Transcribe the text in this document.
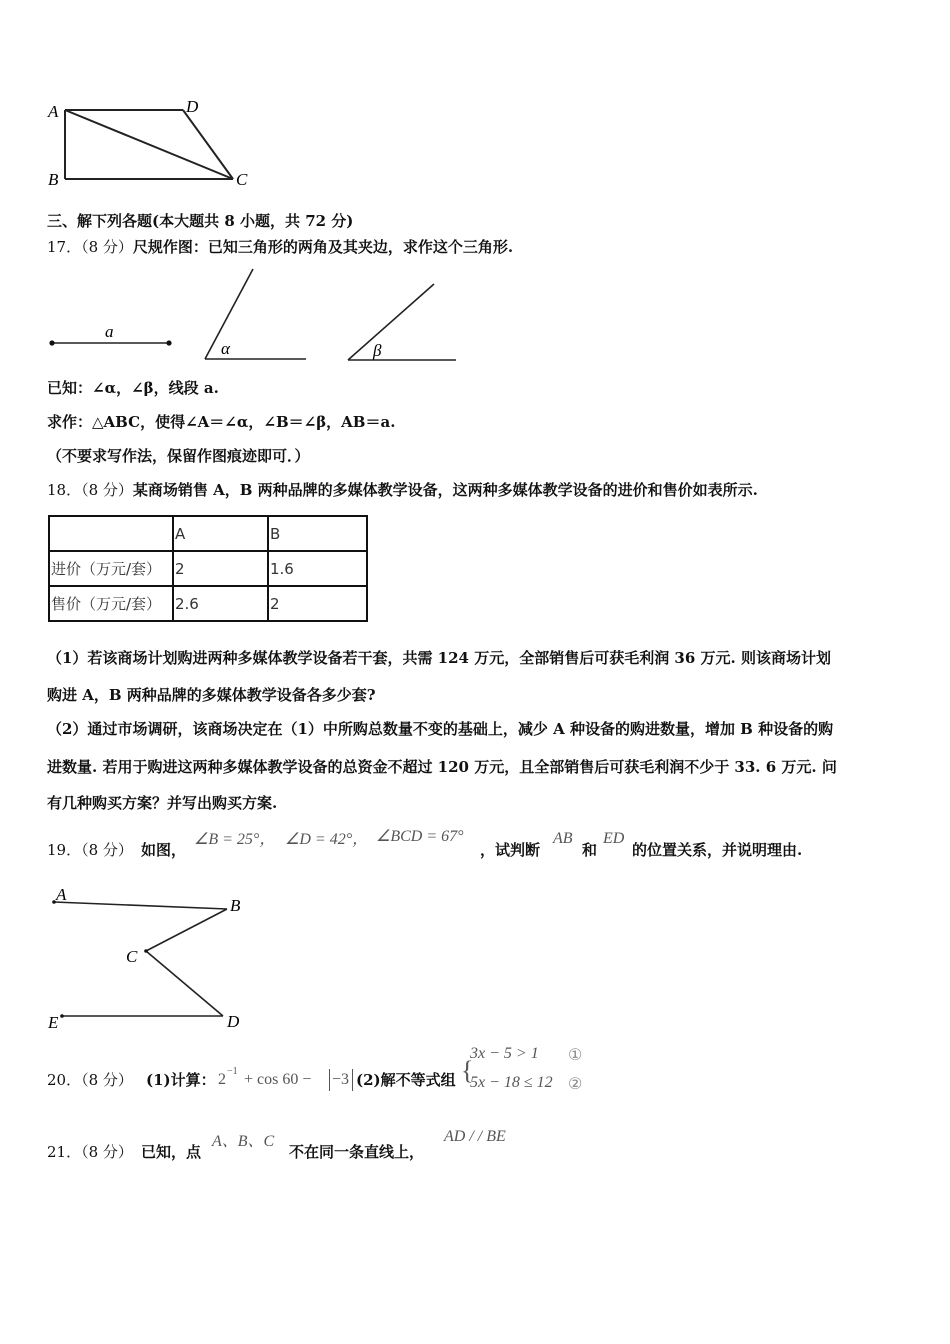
A	D
B	C
三、解下列各题(本大题共 8 小题，共 72 分)
17．（8 分）尺规作图：已知三角形的两角及其夹边，求作这个三角形.
a
α	β
已知：∠α，∠β，线段 a.
求作：△ABC，使得∠A＝∠α，∠B＝∠β，AB＝a.
（不要求写作法，保留作图痕迹即可．）
18．（8 分）某商场销售 A，B 两种品牌的多媒体教学设备，这两种多媒体教学设备的进价和售价如表所示.
	A	B
进价（万元/套）	2	1.6
售价（万元/套）	2.6	2
（1）若该商场计划购进两种多媒体教学设备若干套，共需 124 万元，全部销售后可获毛利润 36 万元. 则该商场计划
购进 A，B 两种品牌的多媒体教学设备各多少套?
（2）通过市场调研，该商场决定在（1）中所购总数量不变的基础上，减少 A 种设备的购进数量，增加 B 种设备的购
进数量. 若用于购进这两种多媒体教学设备的总资金不超过 120 万元，且全部销售后可获毛利润不少于 33. 6 万元. 问
有几种购买方案？并写出购买方案.
19．（8 分） 如图，
∠B = 25°， ∠D = 42°， ∠BCD = 67°
，试判断
AB
和
ED
的位置关系，并说明理由.
A
B
C
E	D
20．（8 分） (1)计算： 2 −1 + cos 60 − −3 (2)解不等式组 {
3x − 5 > 1 ①
5x − 18 ≤ 12 ②
21．（8 分） 已知，点
A、B、C
不在同一条直线上，
AD / / BE
